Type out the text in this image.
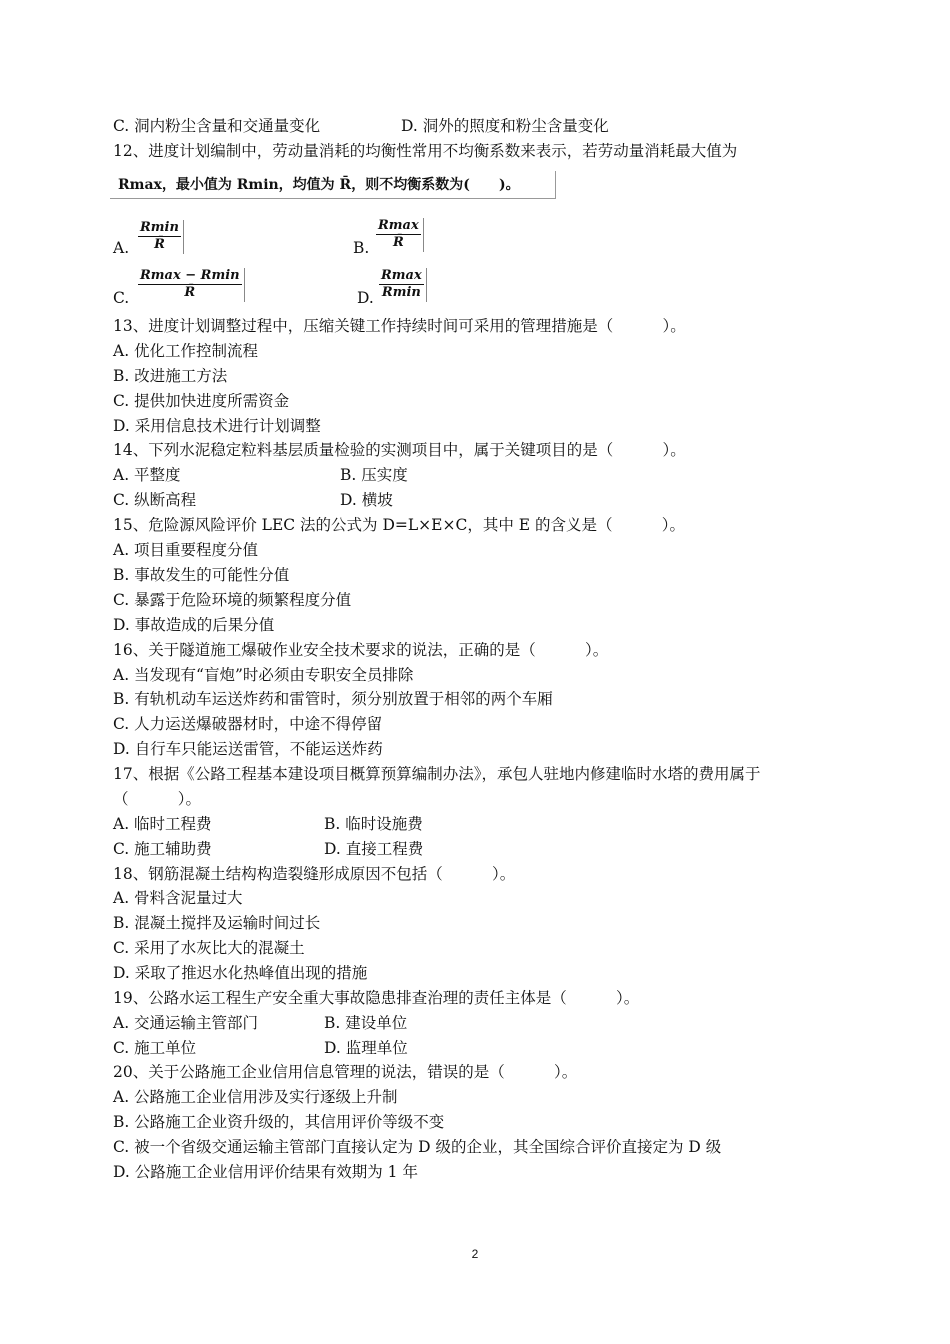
C. 洞内粉尘含量和交通量变化	D. 洞外的照度和粉尘含量变化
12、进度计划编制中，劳动量消耗的均衡性常用不均衡系数来表示，若劳动量消耗最大值为
Rmax，最小值为 Rmin，均值为 R̄，则不均衡系数为(      )。
A.
Rmin
R̄	B.
Rmax
R̄
C.
Rmax − Rmin
R̄	D.
Rmax
Rmin
13、进度计划调整过程中，压缩关键工作持续时间可采用的管理措施是（          ）。
A. 优化工作控制流程
B. 改进施工方法
C. 提供加快进度所需资金
D. 采用信息技术进行计划调整
14、下列水泥稳定粒料基层质量检验的实测项目中，属于关键项目的是（          ）。
A. 平整度	B. 压实度
C. 纵断高程	D. 横坡
15、危险源风险评价 LEC 法的公式为 D=L×E×C，其中 E 的含义是（          ）。
A. 项目重要程度分值
B. 事故发生的可能性分值
C. 暴露于危险环境的频繁程度分值
D. 事故造成的后果分值
16、关于隧道施工爆破作业安全技术要求的说法，正确的是（          ）。
A. 当发现有“盲炮”时必须由专职安全员排除
B. 有轨机动车运送炸药和雷管时，须分别放置于相邻的两个车厢
C. 人力运送爆破器材时，中途不得停留
D. 自行车只能运送雷管，不能运送炸药
17、根据《公路工程基本建设项目概算预算编制办法》，承包人驻地内修建临时水塔的费用属于
（          ）。
A. 临时工程费	B. 临时设施费
C. 施工辅助费	D. 直接工程费
18、钢筋混凝土结构构造裂缝形成原因不包括（          ）。
A. 骨料含泥量过大
B. 混凝土搅拌及运输时间过长
C. 采用了水灰比大的混凝土
D. 采取了推迟水化热峰值出现的措施
19、公路水运工程生产安全重大事故隐患排查治理的责任主体是（          ）。
A. 交通运输主管部门	B. 建设单位
C. 施工单位	D. 监理单位
20、关于公路施工企业信用信息管理的说法，错误的是（          ）。
A. 公路施工企业信用涉及实行逐级上升制
B. 公路施工企业资升级的，其信用评价等级不变
C. 被一个省级交通运输主管部门直接认定为 D 级的企业，其全国综合评价直接定为 D 级
D. 公路施工企业信用评价结果有效期为 1 年
2
